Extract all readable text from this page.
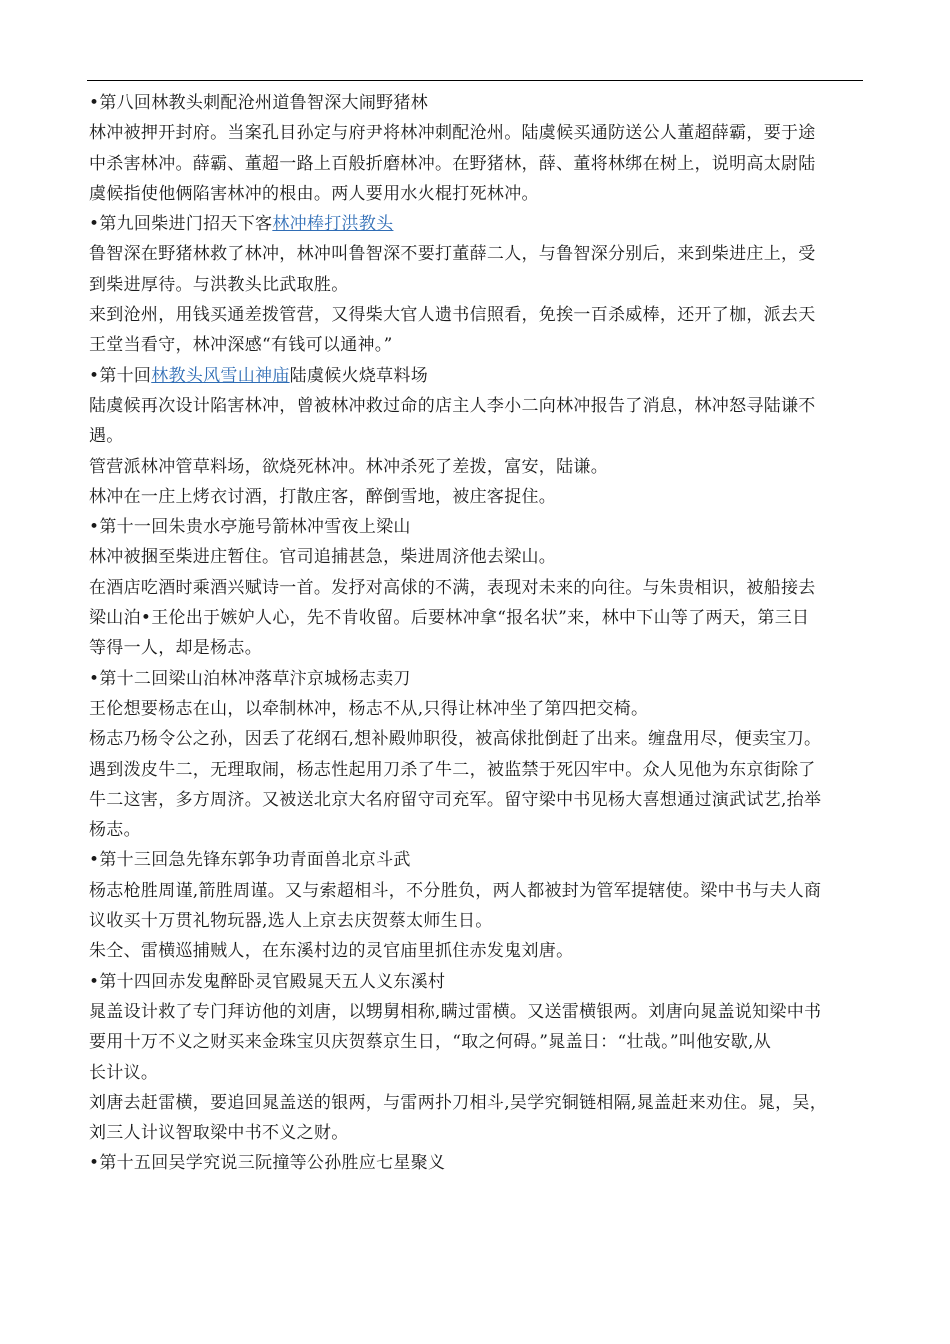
•第八回林教头刺配沧州道鲁智深大闹野猪林
林冲被押开封府。当案孔目孙定与府尹将林冲刺配沧州。陆虞候买通防送公人董超薛霸，要于途
中杀害林冲。薛霸、董超一路上百般折磨林冲。在野猪林，薛、董将林绑在树上，说明高太尉陆
虞候指使他俩陷害林冲的根由。两人要用水火棍打死林冲。
•第九回柴进门招天下客林冲棒打洪教头
鲁智深在野猪林救了林冲，林冲叫鲁智深不要打董薛二人，与鲁智深分别后，来到柴进庄上，受
到柴进厚待。与洪教头比武取胜。
来到沧州，用钱买通差拨管营，又得柴大官人遗书信照看，免挨一百杀威棒，还开了枷，派去天
王堂当看守，林冲深感“有钱可以通神。”
•第十回林教头风雪山神庙陆虞候火烧草料场
陆虞候再次设计陷害林冲，曾被林冲救过命的店主人李小二向林冲报告了消息，林冲怒寻陆谦不
遇。
管营派林冲管草料场，欲烧死林冲。林冲杀死了差拨，富安，陆谦。
林冲在一庄上烤衣讨酒，打散庄客，醉倒雪地，被庄客捉住。
•第十一回朱贵水亭施号箭林冲雪夜上梁山
林冲被捆至柴进庄暂住。官司追捕甚急，柴进周济他去梁山。
在酒店吃酒时乘酒兴赋诗一首。发抒对高俅的不满，表现对未来的向往。与朱贵相识，被船接去
梁山泊•王伦出于嫉妒人心，先不肯收留。后要林冲拿“报名状”来，林中下山等了两天，第三日
等得一人，却是杨志。
•第十二回梁山泊林冲落草汴京城杨志卖刀
王伦想要杨志在山，以牵制林冲，杨志不从,只得让林冲坐了第四把交椅。
杨志乃杨令公之孙，因丢了花纲石,想补殿帅职役，被高俅批倒赶了出来。缠盘用尽，便卖宝刀。
遇到泼皮牛二，无理取闹，杨志性起用刀杀了牛二，被监禁于死囚牢中。众人见他为东京街除了
牛二这害，多方周济。又被送北京大名府留守司充军。留守梁中书见杨大喜想通过演武试艺,抬举
杨志。
•第十三回急先锋东郭争功青面兽北京斗武
杨志枪胜周谨,箭胜周谨。又与索超相斗，不分胜负，两人都被封为管军提辖使。梁中书与夫人商
议收买十万贯礼物玩器,选人上京去庆贺蔡太师生日。
朱仝、雷横巡捕贼人，在东溪村边的灵官庙里抓住赤发鬼刘唐。
•第十四回赤发鬼醉卧灵官殿晁天五人义东溪村
晁盖设计救了专门拜访他的刘唐，以甥舅相称,瞒过雷横。又送雷横银两。刘唐向晁盖说知梁中书
要用十万不义之财买来金珠宝贝庆贺蔡京生日，“取之何碍。”晁盖日：“壮哉。”叫他安歇,从
长计议。
刘唐去赶雷横，要追回晁盖送的银两，与雷两扑刀相斗,吴学究铜链相隔,晁盖赶来劝住。晁，吴，
刘三人计议智取梁中书不义之财。
•第十五回吴学究说三阮撞等公孙胜应七星聚义
